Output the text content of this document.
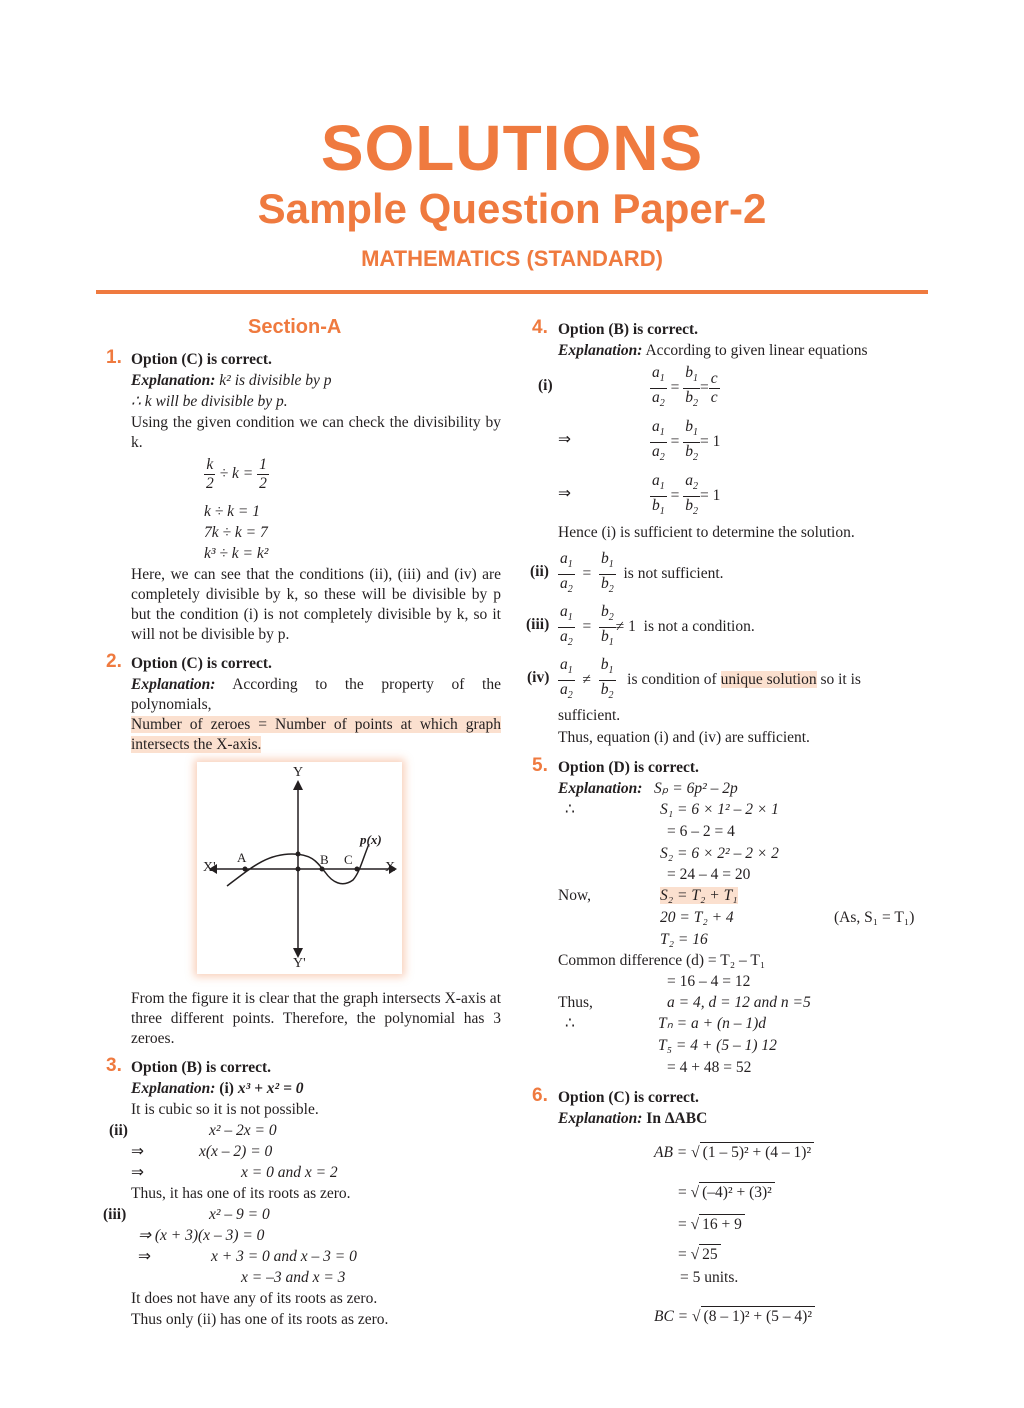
SOLUTIONS
Sample Question Paper-2
MATHEMATICS (STANDARD)
Section-A
1. Option (C) is correct.
Explanation: k² is divisible by p
∴ k will be divisible by p.
Using the given condition we can check the divisibility by k.
$\frac{k}{2} \div k = \frac{1}{2}$
k ÷ k = 1
7k ÷ k = 7
k³ ÷ k = k²
Here, we can see that the conditions (ii), (iii) and (iv) are completely divisible by k, so these will be divisible by p but the condition (i) is not completely divisible by k, so it will not be divisible by p.
2. Option (C) is correct.
Explanation: According to the property of the polynomials,
Number of zeroes = Number of points at which graph intersects the X-axis.
Y
Y'
X'	X
A	B C
p(x)
From the figure it is clear that the graph intersects X-axis at three different points. Therefore, the polynomial has 3 zeroes.
3. Option (B) is correct.
Explanation: (i) x³ + x² = 0
It is cubic so it is not possible.
(ii)	x² – 2x = 0
⇒	x(x – 2) = 0
⇒	x = 0 and x = 2
Thus, it has one of its roots as zero.
(iii)	x² – 9 = 0
⇒ (x + 3)(x – 3) = 0
⇒	x + 3 = 0 and x – 3 = 0
x = –3 and x = 3
It does not have any of its roots as zero.
Thus only (ii) has one of its roots as zero.
4. Option (B) is correct.
Explanation: According to given linear equations
(i)	$\frac{a_1}{a_2} = \frac{b_1}{b_2} = \frac{c}{c}$
⇒	$\frac{a_1}{a_2} = \frac{b_1}{b_2} = 1$
⇒	$\frac{a_1}{b_1} = \frac{a_2}{b_2} = 1$
Hence (i) is sufficient to determine the solution.
$(ii) \frac{a_1}{a_2} = \frac{b_1}{b_2}$ is not sufficient.
$(iii) \frac{a_1}{a_2} = \frac{b_2}{b_1} \ne 1$  is not a condition.
$(iv) \frac{a_1}{a_2} \ne \frac{b_1}{b_2}$ is condition of unique solution so it is
sufficient.
Thus, equation (i) and (iv) are sufficient.
5. Option (D) is correct.
Explanation: Sₚ = 6p² – 2p
∴	S₁ = 6 × 1² – 2 × 1
= 6 – 2 = 4
S₂ = 6 × 2² – 2 × 2
= 24 – 4 = 20
Now,	S₂ = T₂ + T₁
20 = T₂ + 4	(As, S₁ = T₁)
T₂ = 16
Common difference (d) = T₂ – T₁
= 16 – 4 = 12
Thus,	a = 4, d = 12 and n =5
∴	Tₙ = a + (n – 1)d
T₅ = 4 + (5 – 1) 12
= 4 + 48 = 52
6. Option (C) is correct.
Explanation: In ΔABC
AB = √ (1 – 5)² + (4 – 1)²
= √ (–4)² + (3)²
= √ 16 + 9
= √ 25
= 5 units.
BC = √ (8 – 1)² + (5 – 4)²
